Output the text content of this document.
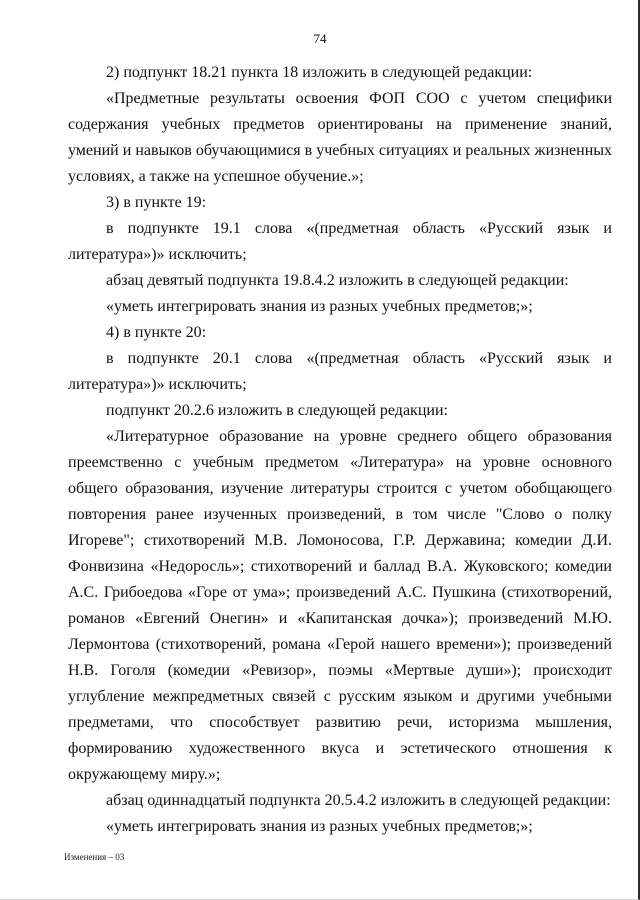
74

2) подпункт 18.21 пункта 18 изложить в следующей редакции:

«Предметные результаты освоения ФОП СОО с учетом специфики содержания учебных предметов ориентированы на применение знаний, умений и навыков обучающимися в учебных ситуациях и реальных жизненных условиях, а также на успешное обучение.»;

3) в пункте 19:

в подпункте 19.1 слова «(предметная область «Русский язык и литература»)» исключить;

абзац девятый подпункта 19.8.4.2 изложить в следующей редакции:

«уметь интегрировать знания из разных учебных предметов;»;

4) в пункте 20:

в подпункте 20.1 слова «(предметная область «Русский язык и литература»)» исключить;

подпункт 20.2.6 изложить в следующей редакции:

«Литературное образование на уровне среднего общего образования преемственно с учебным предметом «Литература» на уровне основного общего образования, изучение литературы строится с учетом обобщающего повторения ранее изученных произведений, в том числе "Слово о полку Игореве"; стихотворений М.В. Ломоносова, Г.Р. Державина; комедии Д.И. Фонвизина «Недоросль»; стихотворений и баллад В.А. Жуковского; комедии А.С. Грибоедова «Горе от ума»; произведений А.С. Пушкина (стихотворений, романов «Евгений Онегин» и «Капитанская дочка»); произведений М.Ю. Лермонтова (стихотворений, романа «Герой нашего времени»); произведений Н.В. Гоголя (комедии «Ревизор», поэмы «Мертвые души»); происходит углубление межпредметных связей с русским языком и другими учебными предметами, что способствует развитию речи, историзма мышления, формированию художественного вкуса и эстетического отношения к окружающему миру.»;

абзац одиннадцатый подпункта 20.5.4.2 изложить в следующей редакции:

«уметь интегрировать знания из разных учебных предметов;»;

Изменения – 03
